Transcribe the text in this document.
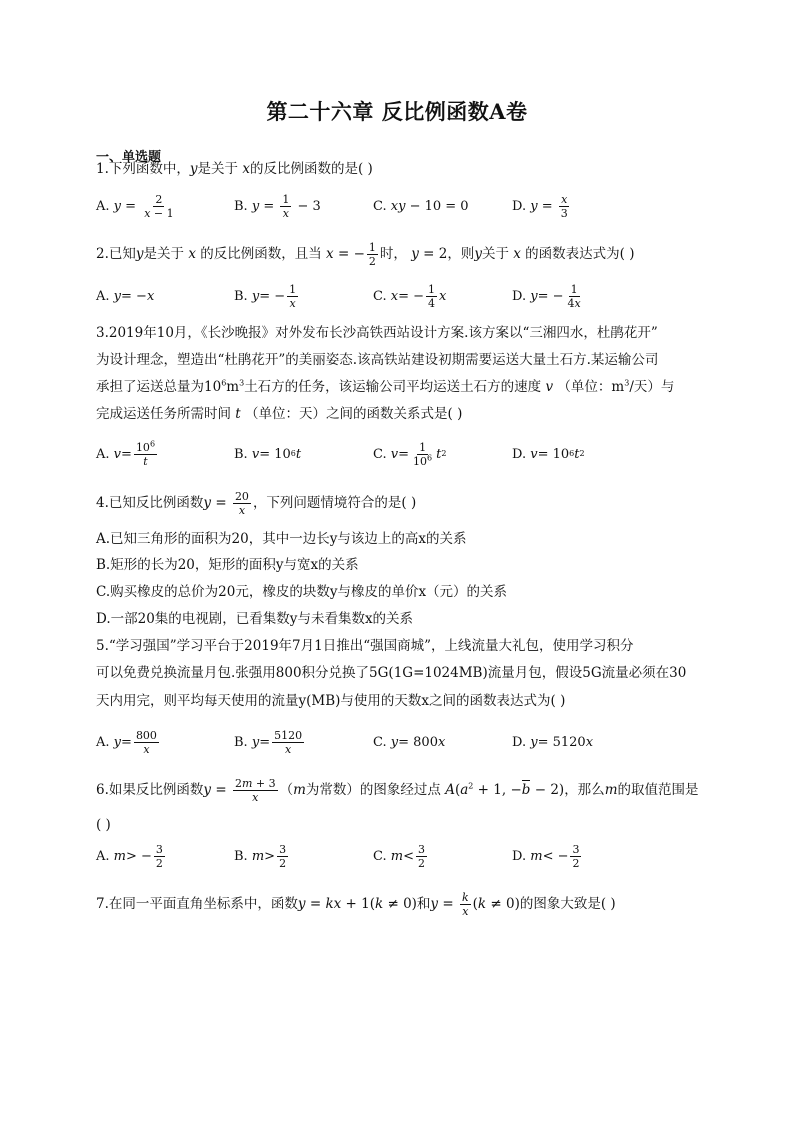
第二十六章 反比例函数A卷
一、单选题
1.下列函数中，y是关于 x的反比例函数的是( )
A.
$y = \frac{2}{x - 1}$	B.
$y = \frac{1}{x} - 3$	C.
xy − 10 = 0	D.
$y = \frac{x}{3}$
2.已知y是关于 x 的反比例函数，且当 x = − $\frac{1}{2}$ 时， y = 2，则y关于 x 的函数表达式为( )
A.
y = − x	B.
y = − $\frac{1}{x}$	C.
x = − $\frac{1}{4}$ x	D.
y = − $\frac{1}{4x}$
3.2019年10月，《长沙晚报》对外发布长沙高铁西站设计方案.该方案以“三湘四水，杜鹃花开”
为设计理念，塑造出“杜鹃花开”的美丽姿态.该高铁站建设初期需要运送大量土石方.某运输公司
承担了运送总量为$10^6m^3$土石方的任务，该运输公司平均运送土石方的速度 v （单位：$m^3/$天）与
完成运送任务所需时间 t （单位：天）之间的函数关系式是( )
A.
$v = \frac{10^6}{t}$	B.
v = 10 6 t	C.
$v = \frac{1}{10^6}$ t 2	D.
v = 10 6 t 2
4.已知反比例函数$y = \frac{20}{x}$ ，下列问题情境符合的是( )
A.已知三角形的面积为20，其中一边长y与该边上的高x的关系
B.矩形的长为20，矩形的面积y与宽x的关系
C.购买橡皮的总价为20元，橡皮的块数y与橡皮的单价x（元）的关系
D.一部20集的电视剧，已看集数y与未看集数x的关系
5.“学习强国”学习平台于2019年7月1日推出“强国商城”，上线流量大礼包，使用学习积分
可以免费兑换流量月包.张强用800积分兑换了5G(1G=1024MB)流量月包，假设5G流量必须在30
天内用完，则平均每天使用的流量y(MB)与使用的天数x之间的函数表达式为( )
A.
$y = \frac{800}{x}$	B.
$y = \frac{5120}{x}$	C.
y = 800 x	D.
y = 5120 x
6.如果反比例函数$y = \frac{2m + 3}{x} (m$为常数）的图象经过点 $A(a^2 + 1$, −b − 2)，那么m的取值范围是
( )
A.
m > − $\frac{3}{2}$	B.
$m > \frac{3}{2}$	C.
$m < \frac{3}{2}$	D.
m < − $\frac{3}{2}$
7.在同一平面直角坐标系中，函数y = kx + 1(k ≠ 0)和$y = \frac{k}{x} (k \ne 0)$的图象大致是( )
